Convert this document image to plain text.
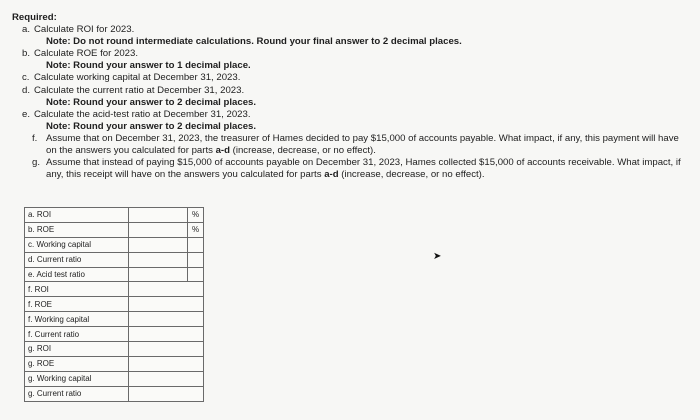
Required:
a. Calculate ROI for 2023.
Note: Do not round intermediate calculations. Round your final answer to 2 decimal places.
b. Calculate ROE for 2023.
Note: Round your answer to 1 decimal place.
c. Calculate working capital at December 31, 2023.
d. Calculate the current ratio at December 31, 2023.
Note: Round your answer to 2 decimal places.
e. Calculate the acid-test ratio at December 31, 2023.
Note: Round your answer to 2 decimal places.
f. Assume that on December 31, 2023, the treasurer of Hames decided to pay $15,000 of accounts payable. What impact, if any, this payment will have on the answers you calculated for parts a-d (increase, decrease, or no effect).
g. Assume that instead of paying $15,000 of accounts payable on December 31, 2023, Hames collected $15,000 of accounts receivable. What impact, if any, this receipt will have on the answers you calculated for parts a-d (increase, decrease, or no effect).
a. ROI		%
b. ROE		%
c. Working capital	

d. Current ratio	

e. Acid test ratio	

f. ROI		

f. ROE		

f. Working capital		

f. Current ratio		

g. ROI		

g. ROE		

g. Working capital		

g. Current ratio		
➤
